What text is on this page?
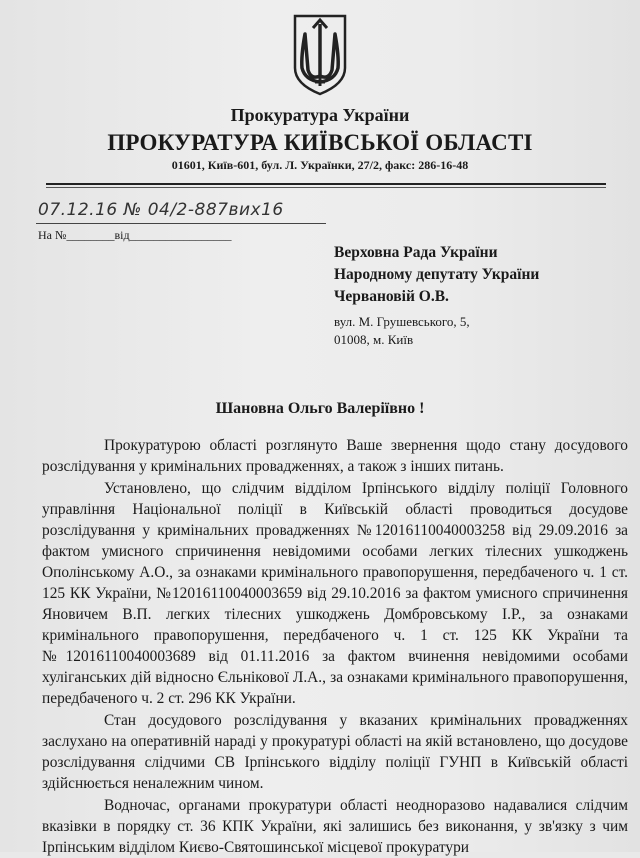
Прокуратура України
ПРОКУРАТУРА КИЇВСЬКОЇ ОБЛАСТІ
01601, Київ-601, бул. Л. Українки, 27/2, факс: 286-16-48
07.12.16 № 04/2-887вих16
На №________від_________________
Верховна Рада України
Народному депутату України
Червановій О.В.
вул. М. Грушевського, 5,
01008, м. Київ
Шановна Ольго Валеріївно !

Прокуратурою області розглянуто Ваше звернення щодо стану досудового розслідування у кримінальних провадженнях, а також з інших питань.

Установлено, що слідчим відділом Ірпінського відділу поліції Головного управління Національної поліції в Київській області проводиться досудове розслідування у кримінальних провадженнях №12016110040003258 від 29.09.2016 за фактом умисного спричинення невідомими особами легких тілесних ушкоджень Ополінському А.О., за ознаками кримінального правопорушення, передбаченого ч. 1 ст. 125 КК України, №12016110040003659 від 29.10.2016 за фактом умисного спричинення Яновичем В.П. легких тілесних ушкоджень Домбровському І.Р., за ознаками кримінального правопорушення, передбаченого ч. 1 ст. 125 КК України та №12016110040003689 від 01.11.2016 за фактом вчинення невідомими особами хуліганських дій відносно Єльнікової Л.А., за ознаками кримінального правопорушення, передбаченого ч. 2 ст. 296 КК України.

Стан досудового розслідування у вказаних кримінальних провадженнях заслухано на оперативній нараді у прокуратурі області на якій встановлено, що досудове розслідування слідчими СВ Ірпінського відділу поліції ГУНП в Київській області здійснюється неналежним чином.

Водночас, органами прокуратури області неодноразово надавалися слідчим вказівки в порядку ст. 36 КПК України, які залишись без виконання, у зв'язку з чим Ірпінським відділом Києво-Святошинської місцевої прокуратури
